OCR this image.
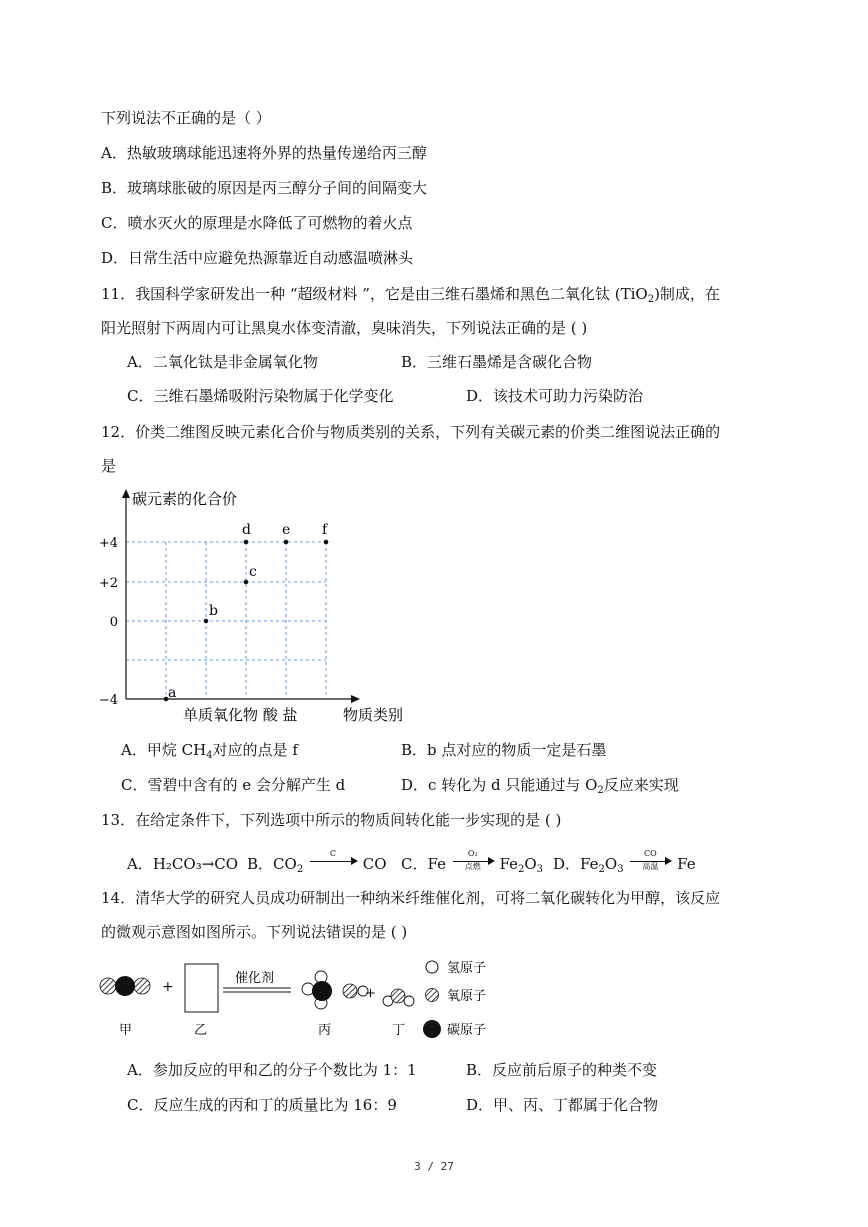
下列说法不正确的是（ ）
A．热敏玻璃球能迅速将外界的热量传递给丙三醇
B．玻璃球胀破的原因是丙三醇分子间的间隔变大
C．喷水灭火的原理是水降低了可燃物的着火点
D．日常生活中应避免热源靠近自动感温喷淋头
11．我国科学家研发出一种 “超级材料 ”，它是由三维石墨烯和黑色二氧化钛 (TiO$_2$)制成，在
阳光照射下两周内可让黑臭水体变清澈，臭味消失，下列说法正确的是 ( )
A．二氧化钛是非金属氧化物	B．三维石墨烯是含碳化合物
C．三维石墨烯吸附污染物属于化学变化	D．该技术可助力污染防治
12．价类二维图反映元素化合价与物质类别的关系，下列有关碳元素的价类二维图说法正确的
是
碳元素的化合价
+4
+2
0
−4
单质氧化物 酸 盐	物质类别
a
b
c
d e f
A．甲烷 $CH_4$对应的点是 f	B．b 点对应的物质一定是石墨
C．雪碧中含有的 e 会分解产生 d	D．c 转化为 d 只能通过与 $O_2$反应来实现
13．在给定条件下，下列选项中所示的物质间转化能一步实现的是 ( )
A．H₂CO₃→CO B．$CO_2$
C
CO C．Fe
O₂
点燃	$Fe_2O_3$ D．$Fe_2O_3$
CO
高温	Fe
14．清华大学的研究人员成功研制出一种纳米纤维催化剂，可将二氧化碳转化为甲醇，该反应
的微观示意图如图所示。下列说法错误的是 ( )
+
催化剂
+
氢原子
氧原子
碳原子
甲	乙	丙	丁
A．参加反应的甲和乙的分子个数比为 1：1	B．反应前后原子的种类不变
C．反应生成的丙和丁的质量比为 16：9	D．甲、丙、丁都属于化合物
3 / 27
